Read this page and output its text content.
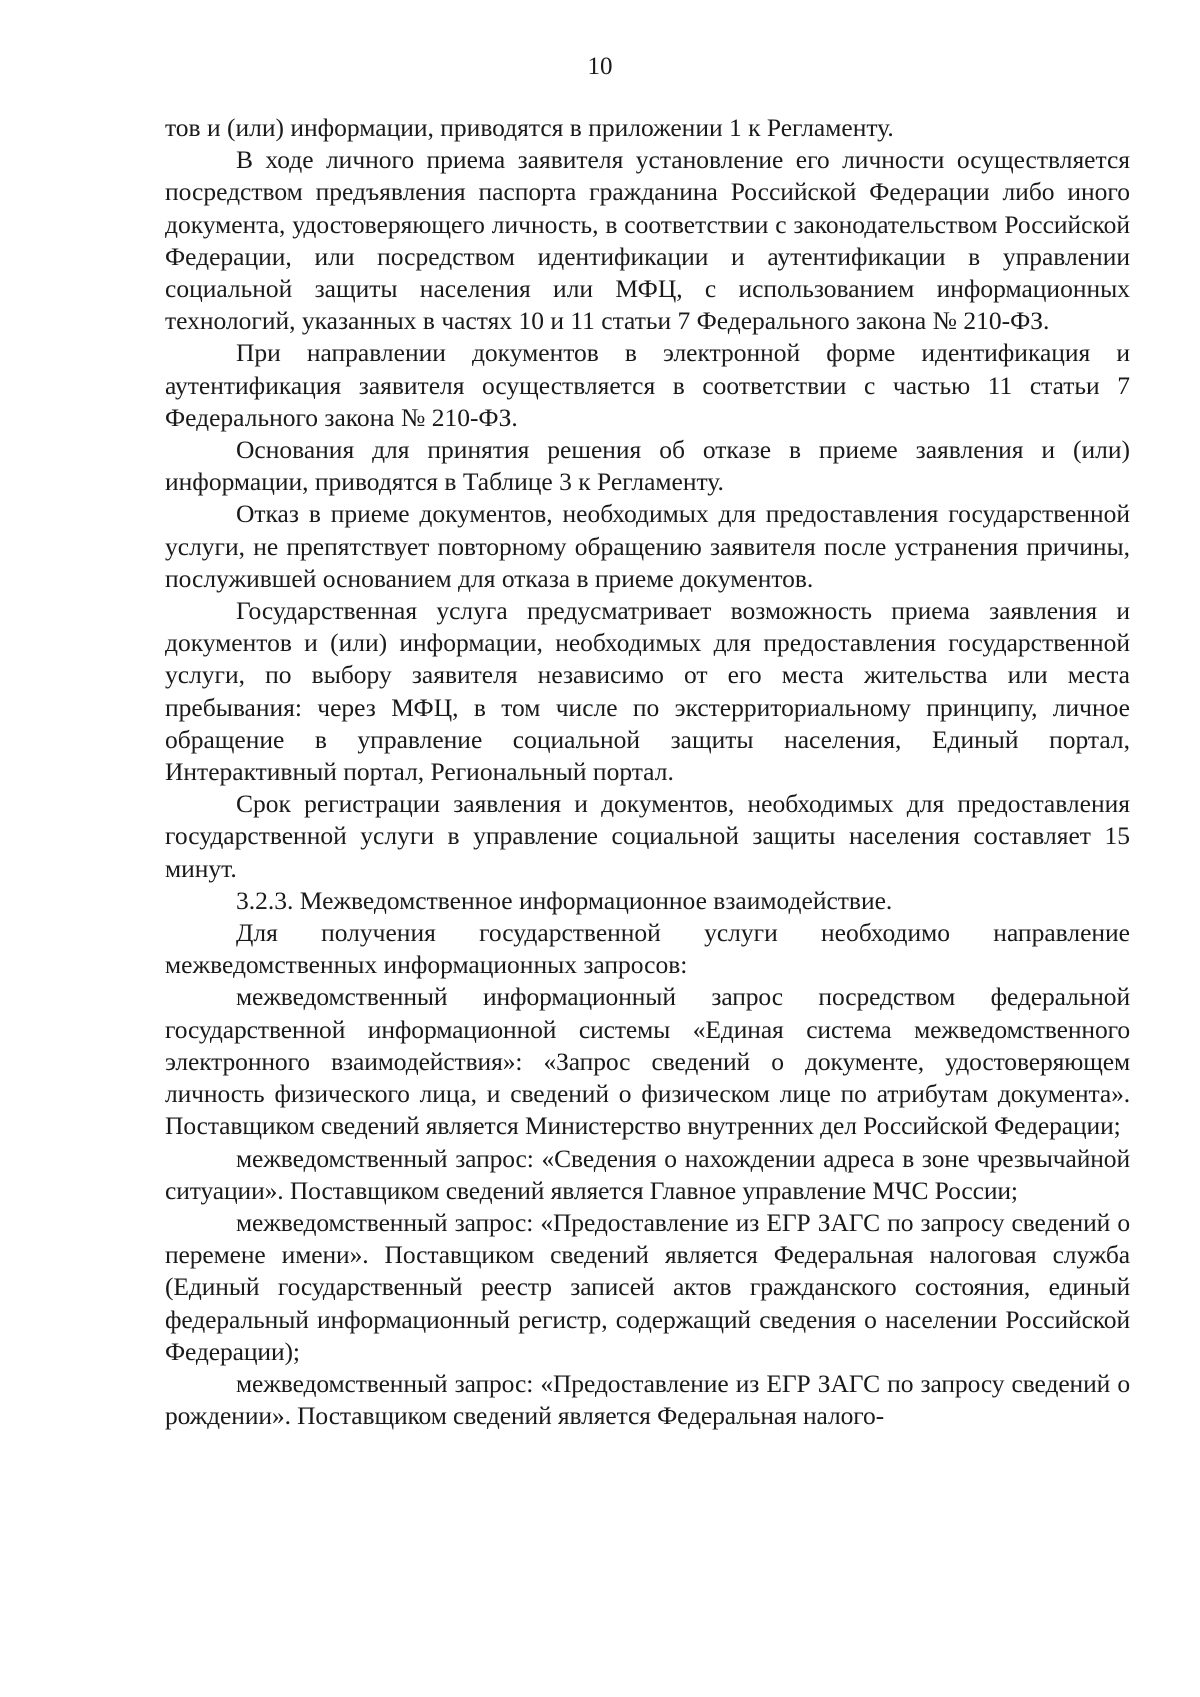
10

тов и (или) информации, приводятся в приложении 1 к Регламенту.

В ходе личного приема заявителя установление его личности осуществляется посредством предъявления паспорта гражданина Российской Федерации либо иного документа, удостоверяющего личность, в соответствии с законодательством Российской Федерации, или посредством идентификации и аутентификации в управлении социальной защиты населения или МФЦ, с использованием информационных технологий, указанных в частях 10 и 11 статьи 7 Федерального закона № 210-ФЗ.

При направлении документов в электронной форме идентификация и аутентификация заявителя осуществляется в соответствии с частью 11 статьи 7 Федерального закона № 210-ФЗ.

Основания для принятия решения об отказе в приеме заявления и (или) информации, приводятся в Таблице 3 к Регламенту.

Отказ в приеме документов, необходимых для предоставления государственной услуги, не препятствует повторному обращению заявителя после устранения причины, послужившей основанием для отказа в приеме документов.

Государственная услуга предусматривает возможность приема заявления и документов и (или) информации, необходимых для предоставления государственной услуги, по выбору заявителя независимо от его места жительства или места пребывания: через МФЦ, в том числе по экстерриториальному принципу, личное обращение в управление социальной защиты населения, Единый портал, Интерактивный портал, Региональный портал.

Срок регистрации заявления и документов, необходимых для предоставления государственной услуги в управление социальной защиты населения составляет 15 минут.

3.2.3. Межведомственное информационное взаимодействие.

Для получения государственной услуги необходимо направление межведомственных информационных запросов:

межведомственный информационный запрос посредством федеральной государственной информационной системы «Единая система межведомственного электронного взаимодействия»: «Запрос сведений о документе, удостоверяющем личность физического лица, и сведений о физическом лице по атрибутам документа». Поставщиком сведений является Министерство внутренних дел Российской Федерации;

межведомственный запрос: «Сведения о нахождении адреса в зоне чрезвычайной ситуации». Поставщиком сведений является Главное управление МЧС России;

межведомственный запрос: «Предоставление из ЕГР ЗАГС по запросу сведений о перемене имени». Поставщиком сведений является Федеральная налоговая служба (Единый государственный реестр записей актов гражданского состояния, единый федеральный информационный регистр, содержащий сведения о населении Российской Федерации);

межведомственный запрос: «Предоставление из ЕГР ЗАГС по запросу сведений о рождении». Поставщиком сведений является Федеральная налого-
